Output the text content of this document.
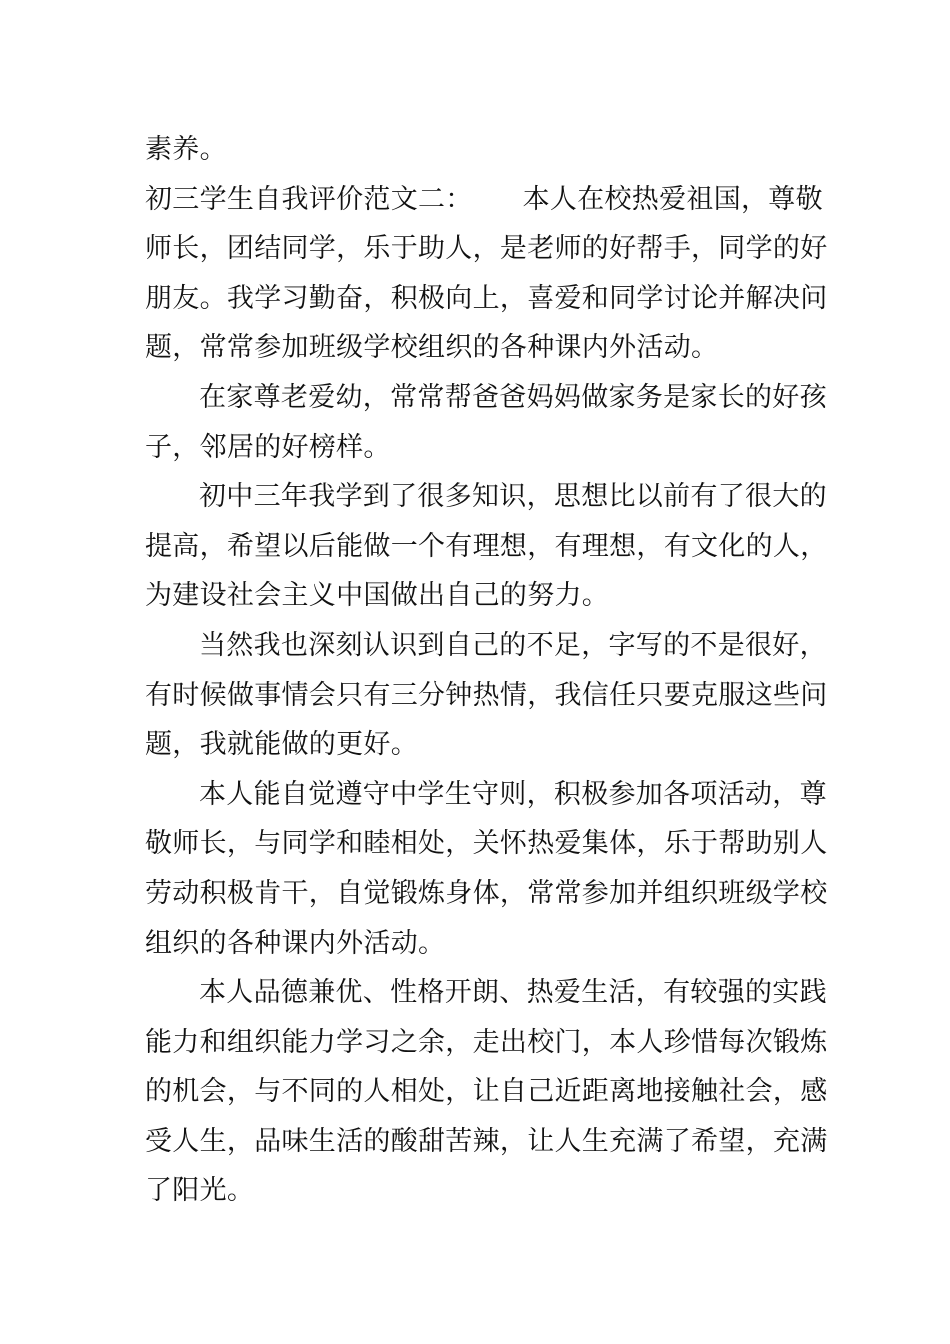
素养。
初三学生自我评价范文二： 本人在校热爱祖国，尊敬
师长，团结同学，乐于助人，是老师的好帮手，同学的好
朋友。我学习勤奋，积极向上，喜爱和同学讨论并解决问
题，常常参加班级学校组织的各种课内外活动。
在家尊老爱幼，常常帮爸爸妈妈做家务是家长的好孩
子，邻居的好榜样。
初中三年我学到了很多知识，思想比以前有了很大的
提高，希望以后能做一个有理想，有理想，有文化的人，
为建设社会主义中国做出自己的努力。
当然我也深刻认识到自己的不足，字写的不是很好，
有时候做事情会只有三分钟热情，我信任只要克服这些问
题，我就能做的更好。
本人能自觉遵守中学生守则，积极参加各项活动，尊
敬师长，与同学和睦相处，关怀热爱集体，乐于帮助别人
劳动积极肯干，自觉锻炼身体，常常参加并组织班级学校
组织的各种课内外活动。
本人品德兼优、性格开朗、热爱生活，有较强的实践
能力和组织能力学习之余，走出校门，本人珍惜每次锻炼
的机会，与不同的人相处，让自己近距离地接触社会，感
受人生，品味生活的酸甜苦辣，让人生充满了希望，充满
了阳光。
